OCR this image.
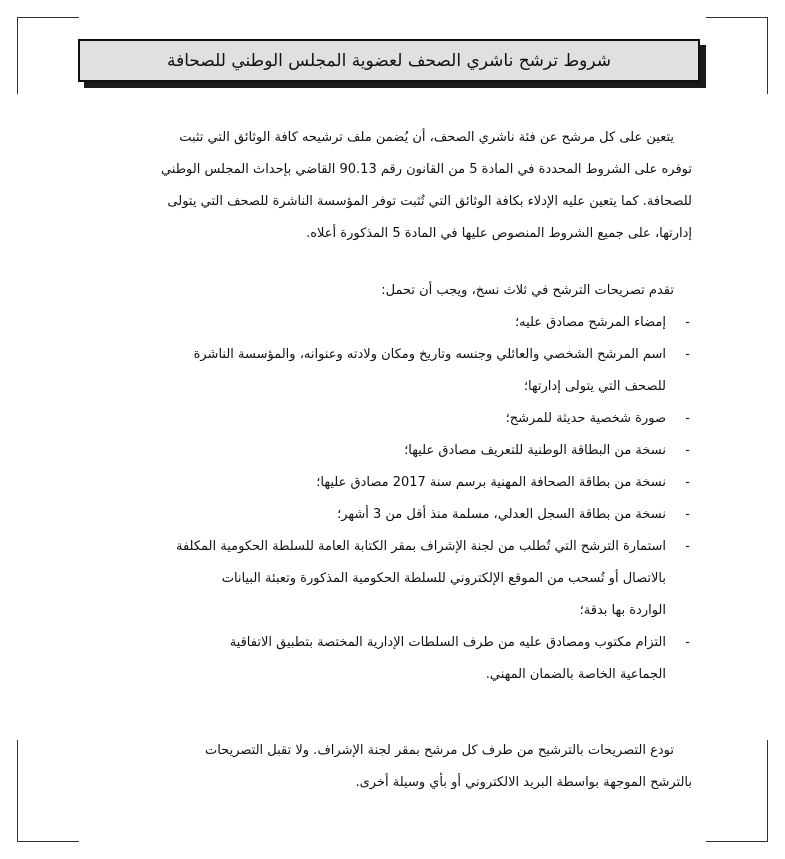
شروط ترشح ناشري الصحف لعضوية المجلس الوطني للصحافة
يتعين على كل مرشح عن فئة ناشري الصحف، أن يُضمن ملف ترشيحه كافة الوثائق التي تثبت
توفره على الشروط المحددة في المادة 5 من القانون رقم 90.13 القاضي بإحداث المجلس الوطني
للصحافة. كما يتعين عليه الإدلاء بكافة الوثائق التي تُثبت توفر المؤسسة الناشرة للصحف التي يتولى
إدارتها، على جميع الشروط المنصوص عليها في المادة 5 المذكورة أعلاه.
تقدم تصريحات الترشح في ثلاث نسخ، ويجب أن تحمل:
-
إمضاء المرشح مصادق عليه؛
-
اسم المرشح الشخصي والعائلي وجنسه وتاريخ ومكان ولادته وعنوانه، والمؤسسة الناشرة
للصحف التي يتولى إدارتها؛
-
صورة شخصية حديثة للمرشح؛
-
نسخة من البطاقة الوطنية للتعريف مصادق عليها؛
-
نسخة من بطاقة الصحافة المهنية برسم سنة 2017 مصادق عليها؛
-
نسخة من بطاقة السجل العدلي، مسلمة منذ أقل من 3 أشهر؛
-
استمارة الترشح التي تُطلب من لجنة الإشراف بمقر الكتابة العامة للسلطة الحكومية المكلفة
بالاتصال أو تُسحب من الموقع الإلكتروني للسلطة الحكومية المذكورة وتعبئة البيانات
الواردة بها بدقة؛
-
التزام مكتوب ومصادق عليه من طرف السلطات الإدارية المختصة بتطبيق الاتفاقية
الجماعية الخاصة بالضمان المهني.
تودع التصريحات بالترشيح من طرف كل مرشح بمقر لجنة الإشراف. ولا تقبل التصريحات
بالترشح الموجهة بواسطة البريد الالكتروني أو بأي وسيلة أخرى.
